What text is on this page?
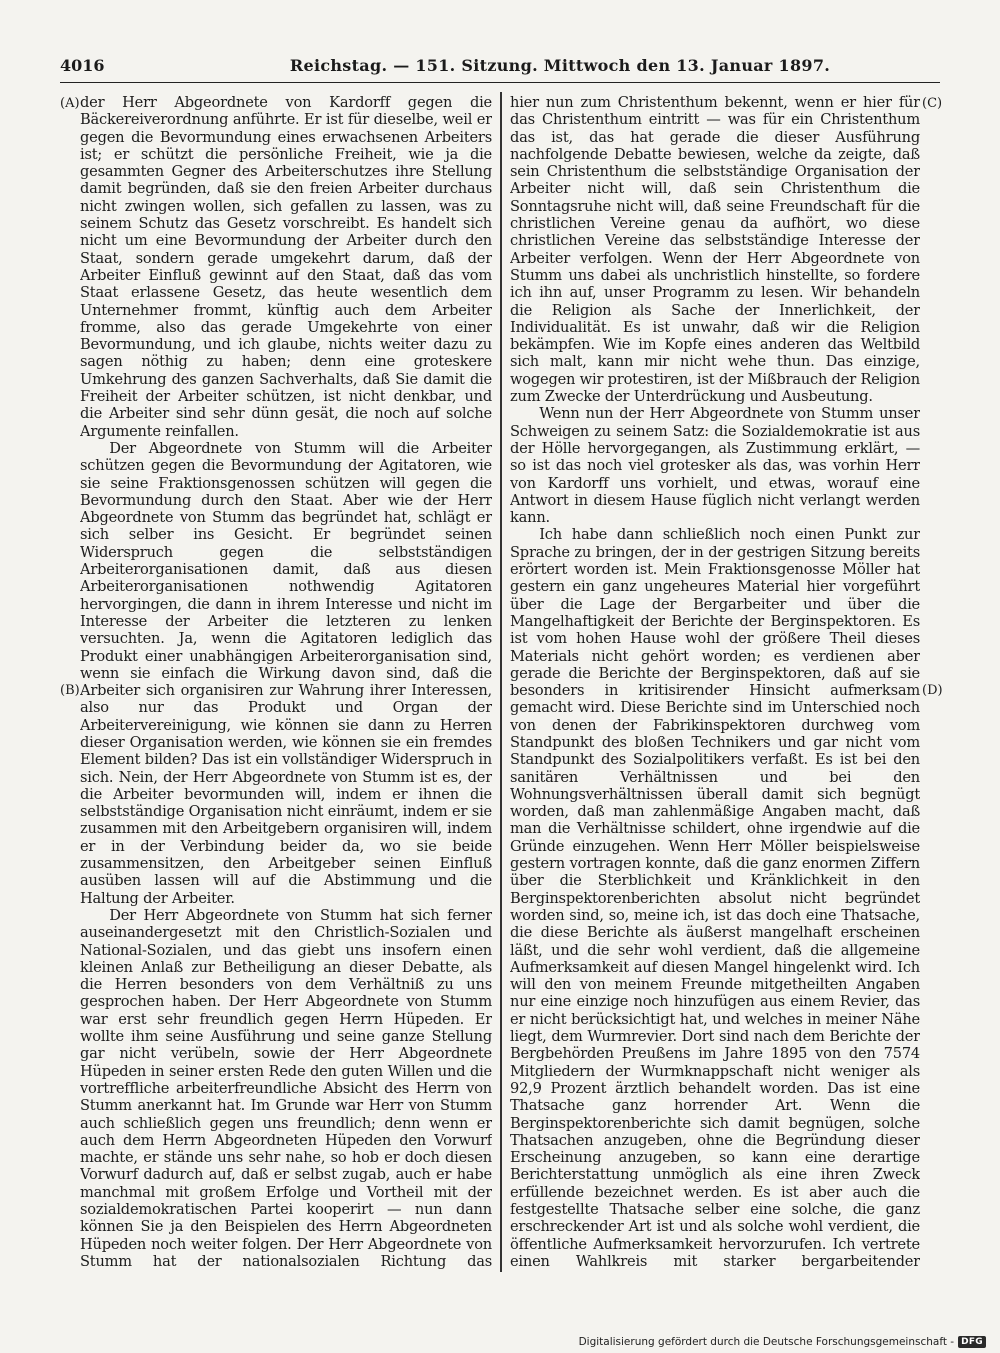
4016	Reichstag. — 151. Sitzung. Mittwoch den 13. Januar 1897.
(A)
(B)
(C)
(D)

der Herr Abgeordnete von Kardorff gegen die Bäckereiverordnung anführte. Er ist für dieselbe, weil er gegen die Bevormundung eines erwachsenen Arbeiters ist; er schützt die persönliche Freiheit, wie ja die gesammten Gegner des Arbeiterschutzes ihre Stellung damit begründen, daß sie den freien Arbeiter durchaus nicht zwingen wollen, sich gefallen zu lassen, was zu seinem Schutz das Gesetz vorschreibt. Es handelt sich nicht um eine Bevormundung der Arbeiter durch den Staat, sondern gerade umgekehrt darum, daß der Arbeiter Einfluß gewinnt auf den Staat, daß das vom Staat erlassene Gesetz, das heute wesentlich dem Unternehmer frommt, künftig auch dem Arbeiter fromme, also das gerade Umgekehrte von einer Bevormundung, und ich glaube, nichts weiter dazu zu sagen nöthig zu haben; denn eine groteskere Umkehrung des ganzen Sachverhalts, daß Sie damit die Freiheit der Arbeiter schützen, ist nicht denkbar, und die Arbeiter sind sehr dünn gesät, die noch auf solche Argumente reinfallen.

Der Abgeordnete von Stumm will die Arbeiter schützen gegen die Bevormundung der Agitatoren, wie sie seine Fraktionsgenossen schützen will gegen die Bevormundung durch den Staat. Aber wie der Herr Abgeordnete von Stumm das begründet hat, schlägt er sich selber ins Gesicht. Er begründet seinen Widerspruch gegen die selbstständigen Arbeiterorganisationen damit, daß aus diesen Arbeiterorganisationen nothwendig Agitatoren hervorgingen, die dann in ihrem Interesse und nicht im Interesse der Arbeiter die letzteren zu lenken versuchten. Ja, wenn die Agitatoren lediglich das Produkt einer unabhängigen Arbeiterorganisation sind, wenn sie einfach die Wirkung davon sind, daß die Arbeiter sich organisiren zur Wahrung ihrer Interessen, also nur das Produkt und Organ der Arbeitervereinigung, wie können sie dann zu Herren dieser Organisation werden, wie können sie ein fremdes Element bilden? Das ist ein vollständiger Widerspruch in sich. Nein, der Herr Abgeordnete von Stumm ist es, der die Arbeiter bevormunden will, indem er ihnen die selbstständige Organisation nicht einräumt, indem er sie zusammen mit den Arbeitgebern organisiren will, indem er in der Verbindung beider da, wo sie beide zusammensitzen, den Arbeitgeber seinen Einfluß ausüben lassen will auf die Abstimmung und die Haltung der Arbeiter.

Der Herr Abgeordnete von Stumm hat sich ferner auseinandergesetzt mit den Christlich-Sozialen und National-Sozialen, und das giebt uns insofern einen kleinen Anlaß zur Betheiligung an dieser Debatte, als die Herren besonders von dem Verhältniß zu uns gesprochen haben. Der Herr Abgeordnete von Stumm war erst sehr freundlich gegen Herrn Hüpeden. Er wollte ihm seine Ausführung und seine ganze Stellung gar nicht verübeln, sowie der Herr Abgeordnete Hüpeden in seiner ersten Rede den guten Willen und die vortreffliche arbeiterfreundliche Absicht des Herrn von Stumm anerkannt hat. Im Grunde war Herr von Stumm auch schließlich gegen uns freundlich; denn wenn er auch dem Herrn Abgeordneten Hüpeden den Vorwurf machte, er stände uns sehr nahe, so hob er doch diesen Vorwurf dadurch auf, daß er selbst zugab, auch er habe manchmal mit großem Erfolge und Vortheil mit der sozialdemokratischen Partei kooperirt — nun dann können Sie ja den Beispielen des Herrn Abgeordneten Hüpeden noch weiter folgen. Der Herr Abgeordnete von Stumm hat der nationalsozialen Richtung das

hier nun zum Christenthum bekennt, wenn er hier für das Christenthum eintritt — was für ein Christenthum das ist, das hat gerade die dieser Ausführung nachfolgende Debatte bewiesen, welche da zeigte, daß sein Christenthum die selbstständige Organisation der Arbeiter nicht will, daß sein Christenthum die Sonntagsruhe nicht will, daß seine Freundschaft für die christlichen Vereine genau da aufhört, wo diese christlichen Vereine das selbstständige Interesse der Arbeiter verfolgen. Wenn der Herr Abgeordnete von Stumm uns dabei als unchristlich hinstellte, so fordere ich ihn auf, unser Programm zu lesen. Wir behandeln die Religion als Sache der Innerlichkeit, der Individualität. Es ist unwahr, daß wir die Religion bekämpfen. Wie im Kopfe eines anderen das Weltbild sich malt, kann mir nicht wehe thun. Das einzige, wogegen wir protestiren, ist der Mißbrauch der Religion zum Zwecke der Unterdrückung und Ausbeutung.

Wenn nun der Herr Abgeordnete von Stumm unser Schweigen zu seinem Satz: die Sozialdemokratie ist aus der Hölle hervorgegangen, als Zustimmung erklärt, — so ist das noch viel grotesker als das, was vorhin Herr von Kardorff uns vorhielt, und etwas, worauf eine Antwort in diesem Hause füglich nicht verlangt werden kann.

Ich habe dann schließlich noch einen Punkt zur Sprache zu bringen, der in der gestrigen Sitzung bereits erörtert worden ist. Mein Fraktionsgenosse Möller hat gestern ein ganz ungeheures Material hier vorgeführt über die Lage der Bergarbeiter und über die Mangelhaftigkeit der Berichte der Berginspektoren. Es ist vom hohen Hause wohl der größere Theil dieses Materials nicht gehört worden; es verdienen aber gerade die Berichte der Berginspektoren, daß auf sie besonders in kritisirender Hinsicht aufmerksam gemacht wird. Diese Berichte sind im Unterschied noch von denen der Fabrikinspektoren durchweg vom Standpunkt des bloßen Technikers und gar nicht vom Standpunkt des Sozialpolitikers verfaßt. Es ist bei den sanitären Verhältnissen und bei den Wohnungsverhältnissen überall damit sich begnügt worden, daß man zahlenmäßige Angaben macht, daß man die Verhältnisse schildert, ohne irgendwie auf die Gründe einzugehen. Wenn Herr Möller beispielsweise gestern vortragen konnte, daß die ganz enormen Ziffern über die Sterblichkeit und Kränklichkeit in den Berginspektorenberichten absolut nicht begründet worden sind, so, meine ich, ist das doch eine Thatsache, die diese Berichte als äußerst mangelhaft erscheinen läßt, und die sehr wohl verdient, daß die allgemeine Aufmerksamkeit auf diesen Mangel hingelenkt wird. Ich will den von meinem Freunde mitgetheilten Angaben nur eine einzige noch hinzufügen aus einem Revier, das er nicht berücksichtigt hat, und welches in meiner Nähe liegt, dem Wurmrevier. Dort sind nach dem Berichte der Bergbehörden Preußens im Jahre 1895 von den 7574 Mitgliedern der Wurmknappschaft nicht weniger als 92,9 Prozent ärztlich behandelt worden. Das ist eine Thatsache ganz horrender Art. Wenn die Berginspektorenberichte sich damit begnügen, solche Thatsachen anzugeben, ohne die Begründung dieser Erscheinung anzugeben, so kann eine derartige Berichterstattung unmöglich als eine ihren Zweck erfüllende bezeichnet werden. Es ist aber auch die festgestellte Thatsache selber eine solche, die ganz erschreckender Art ist und als solche wohl verdient, die öffentliche Aufmerksamkeit hervorzurufen. Ich vertrete einen Wahlkreis mit starker bergarbeitender

Digitalisierung gefördert durch die Deutsche Forschungsgemeinschaft - DFG
